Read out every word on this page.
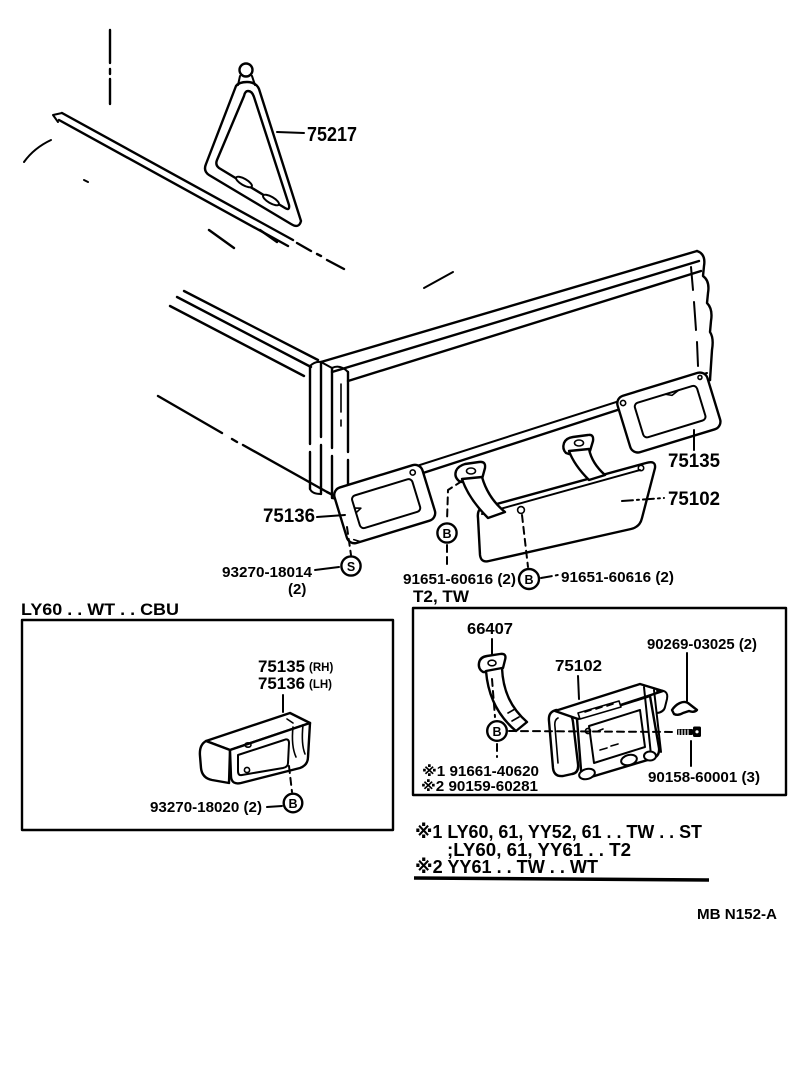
75217
75136
75135
75102
S
93270-18014
(2)
B
91651-60616 (2) B 91651-60616 (2)
LY60 . . WT . . CBU
75135 (RH)
75136 (LH)
B
93270-18020 (2)
T2, TW
66407
B
75102
90269-03025 (2)
90158-60001 (3)
※1 91661-40620
※2 90159-60281
※1 LY60, 61, YY52, 61 . . TW . . ST
;LY60, 61, YY61 . . T2
※2 YY61 . . TW . . WT
MB N152-A
